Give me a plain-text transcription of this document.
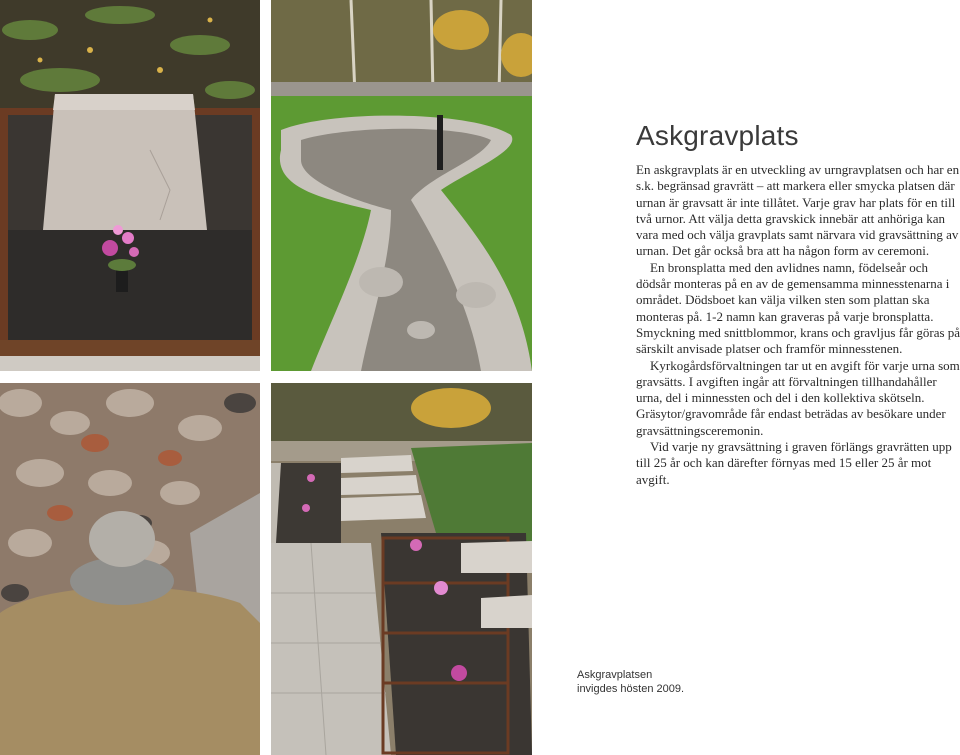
Askgravplats

En askgravplats är en utveckling av urngravplatsen och har en s.k. begränsad gravrätt – att markera eller smycka platsen där urnan är gravsatt är inte tillåtet. Varje grav har plats för en till två urnor. Att välja detta gravskick innebär att anhöriga kan vara med och välja gravplats samt närvara vid gravsättning av urnan. Det går också bra att ha någon form av ceremoni.

En bronsplatta med den avlidnes namn, födelseår och dödsår monteras på en av de gemensamma minnesstenarna i området. Dödsboet kan välja vilken sten som plattan ska monteras på. 1-2 namn kan graveras på varje bronsplatta. Smyckning med snittblommor, krans och gravljus får göras på särskilt anvisade platser och framför minnesstenen.

Kyrkogårdsförvaltningen tar ut en avgift för varje urna som gravsätts. I avgiften ingår att förvaltningen tillhandahåller urna, del i minnessten och del i den kollektiva skötseln. Gräsytor/gravområde får endast beträdas av besökare under gravsättningsceremonin.

Vid varje ny gravsättning i graven förlängs gravrätten upp till 25 år och kan därefter förnyas med 15 eller 25 år mot avgift.

Askgravplatsen
invigdes hösten 2009.
